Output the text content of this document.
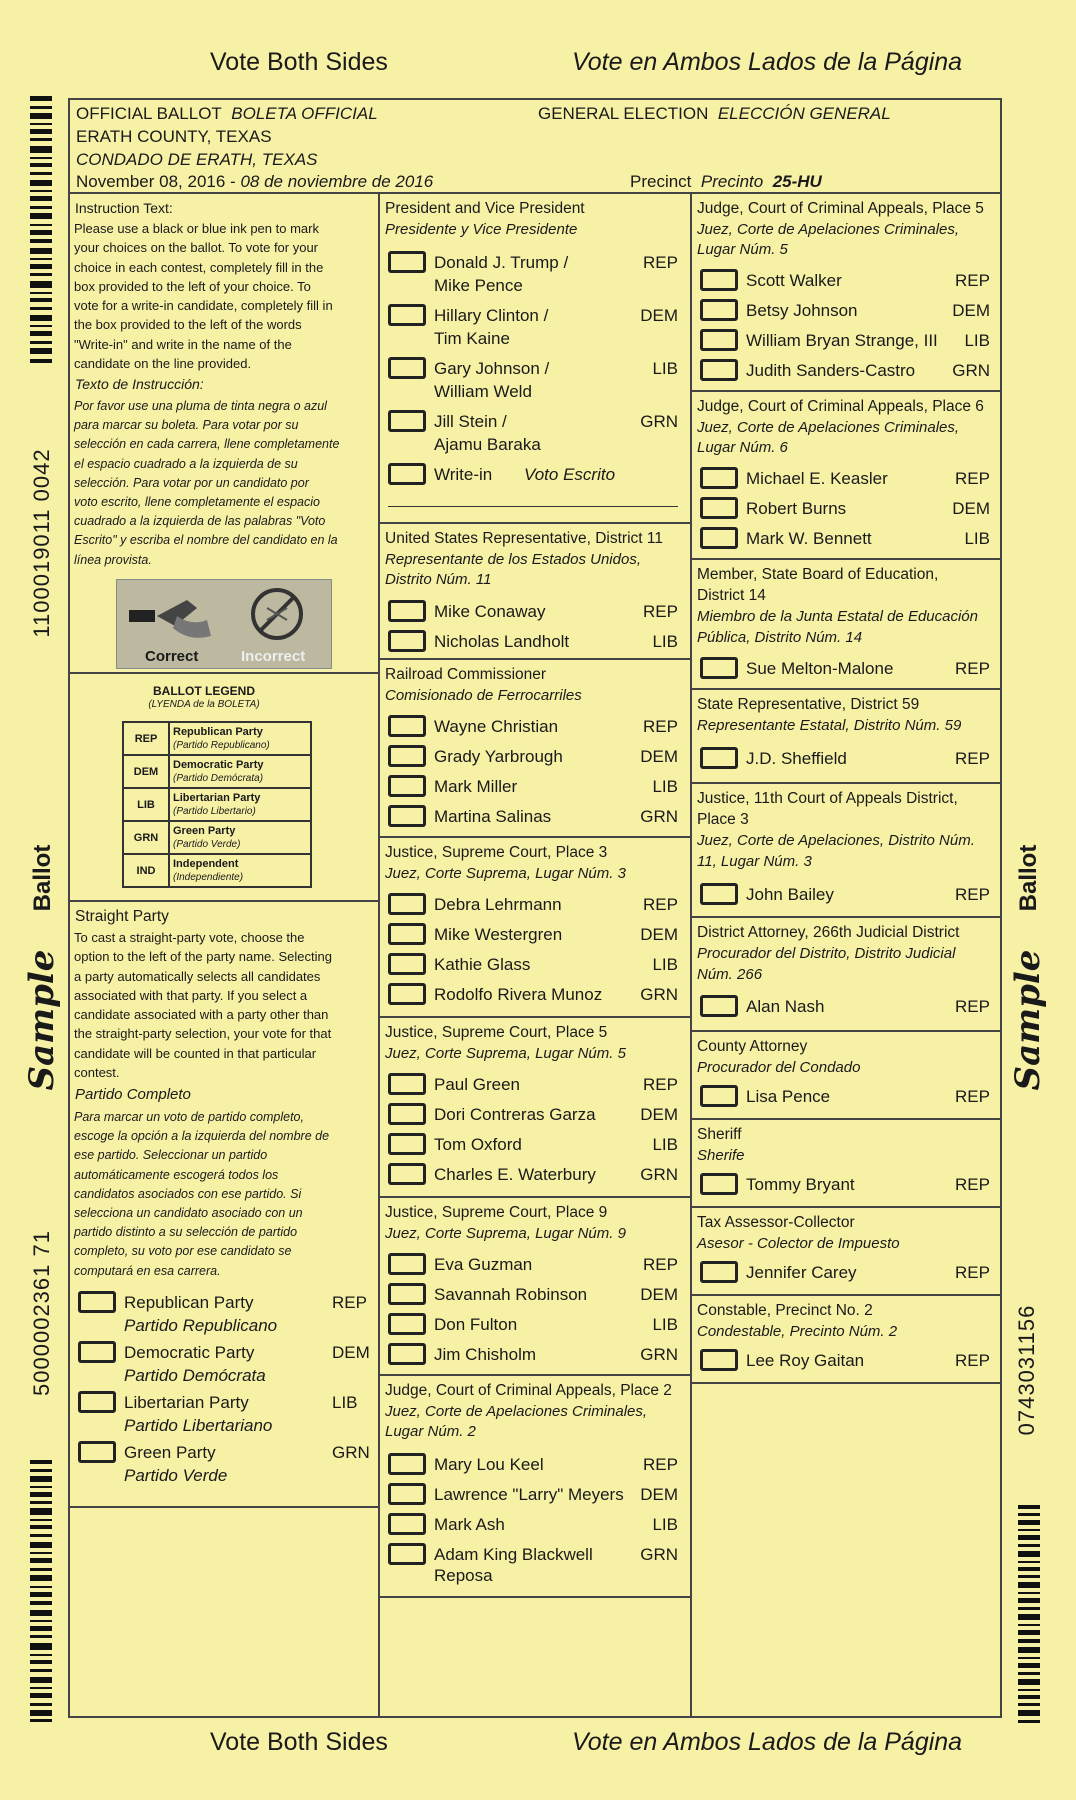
Vote Both Sides	Vote en Ambos Lados de la Página
1100019011 0042
Ballot
Sample
5000002361 71
Ballot
Sample
0743031156
OFFICIAL BALLOT BOLETA OFFICIAL	GENERAL ELECTION ELECCIÓN GENERAL
ERATH COUNTY, TEXAS
CONDADO DE ERATH, TEXAS
November 08, 2016 - 08 de noviembre de 2016	Precinct Precinto 25-HU
Instruction Text:
Please use a black or blue ink pen to mark
your choices on the ballot. To vote for your
choice in each contest, completely fill in the
box provided to the left of your choice. To
vote for a write-in candidate, completely fill in
the box provided to the left of the words
"Write-in" and write in the name of the
candidate on the line provided.
Texto de Instrucción:
Por favor use una pluma de tinta negra o azul
para marcar su boleta. Para votar por su
selección en cada carrera, llene completamente
el espacio cuadrado a la izquierda de su
selección. Para votar por un candidato por
voto escrito, llene completamente el espacio
cuadrado a la izquierda de las palabras "Voto
Escrito" y escriba el nombre del candidato en la
línea provista.
Correct	Incorrect
BALLOT LEGEND
(LYENDA de la BOLETA)
REP	Republican Party
(Partido Republicano)
DEM	Democratic Party
(Partido Demócrata)
LIB	Libertarian Party
(Partido Libertario)
GRN	Green Party
(Partido Verde)
IND	Independent
(Independiente)
Straight Party
To cast a straight-party vote, choose the
option to the left of the party name. Selecting
a party automatically selects all candidates
associated with that party. If you select a
candidate associated with a party other than
the straight-party selection, your vote for that
candidate will be counted in that particular
contest.
Partido Completo
Para marcar un voto de partido completo,
escoge la opción a la izquierda del nombre de
ese partido. Seleccionar un partido
automáticamente escogerá todos los
candidatos asociados con ese partido. Si
selecciona un candidato asociado con un
partido distinto a su selección de partido
completo, su voto por ese candidato se
computará en esa carrera.
Republican Party
Partido Republicano
REP
Democratic Party
Partido Demócrata
DEM
Libertarian Party
Partido Libertariano
LIB
Green Party
Partido Verde
GRN
President and Vice President
Presidente y Vice Presidente
Donald J. Trump /
Mike Pence
REP
Hillary Clinton /
Tim Kaine
DEM
Gary Johnson /
William Weld
LIB
Jill Stein /
Ajamu Baraka
GRN
Write-in Voto Escrito
United States Representative, District 11
Representante de los Estados Unidos,
Distrito Núm. 11
Mike Conaway	REP
Nicholas Landholt	LIB
Railroad Commissioner
Comisionado de Ferrocarriles
Wayne Christian	REP
Grady Yarbrough	DEM
Mark Miller	LIB
Martina Salinas	GRN
Justice, Supreme Court, Place 3
Juez, Corte Suprema, Lugar Núm. 3
Debra Lehrmann	REP
Mike Westergren	DEM
Kathie Glass	LIB
Rodolfo Rivera Munoz GRN
Justice, Supreme Court, Place 5
Juez, Corte Suprema, Lugar Núm. 5
Paul Green	REP
Dori Contreras Garza	DEM
Tom Oxford	LIB
Charles E. Waterbury	GRN
Justice, Supreme Court, Place 9
Juez, Corte Suprema, Lugar Núm. 9
Eva Guzman	REP
Savannah Robinson	DEM
Don Fulton	LIB
Jim Chisholm	GRN
Judge, Court of Criminal Appeals, Place 2
Juez, Corte de Apelaciones Criminales,
Lugar Núm. 2
Mary Lou Keel	REP
Lawrence "Larry" Meyers DEM
Mark Ash	LIB
Adam King Blackwell
Reposa
GRN
Judge, Court of Criminal Appeals, Place 5
Juez, Corte de Apelaciones Criminales,
Lugar Núm. 5
Scott Walker	REP
Betsy Johnson	DEM
William Bryan Strange, III LIB
Judith Sanders-Castro GRN
Judge, Court of Criminal Appeals, Place 6
Juez, Corte de Apelaciones Criminales,
Lugar Núm. 6
Michael E. Keasler	REP
Robert Burns	DEM
Mark W. Bennett	LIB
Member, State Board of Education,
District 14
Miembro de la Junta Estatal de Educación
Pública, Distrito Núm. 14
Sue Melton-Malone	REP
State Representative, District 59
Representante Estatal, Distrito Núm. 59
J.D. Sheffield	REP
Justice, 11th Court of Appeals District,
Place 3
Juez, Corte de Apelaciones, Distrito Núm.
11, Lugar Núm. 3
John Bailey	REP
District Attorney, 266th Judicial District
Procurador del Distrito, Distrito Judicial
Núm. 266
Alan Nash	REP
County Attorney
Procurador del Condado
Lisa Pence	REP
Sheriff
Sherife
Tommy Bryant	REP
Tax Assessor-Collector
Asesor - Colector de Impuesto
Jennifer Carey	REP
Constable, Precinct No. 2
Condestable, Precinto Núm. 2
Lee Roy Gaitan	REP
Vote Both Sides	Vote en Ambos Lados de la Página
